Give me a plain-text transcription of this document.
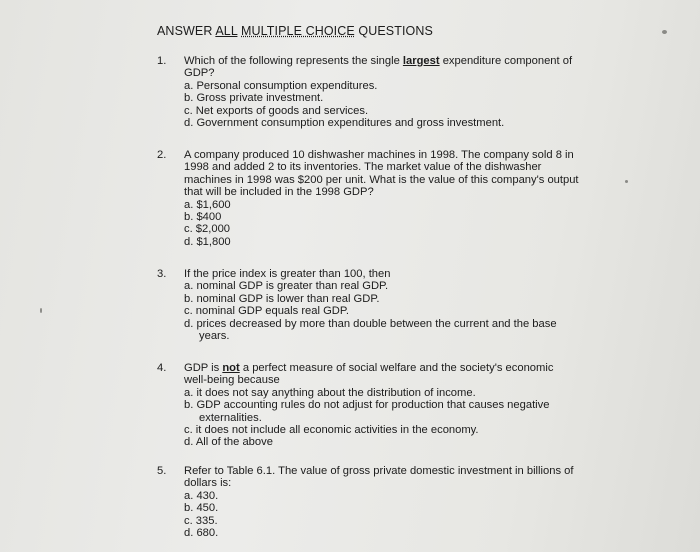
ANSWER ALL MULTIPLE CHOICE QUESTIONS
1.	Which of the following represents the single largest expenditure component of GDP?
a. Personal consumption expenditures.
b. Gross private investment.
c. Net exports of goods and services.
d. Government consumption expenditures and gross investment.
2.	A company produced 10 dishwasher machines in 1998. The company sold 8 in 1998 and added 2 to its inventories. The market value of the dishwasher machines in 1998 was $200 per unit. What is the value of this company's output that will be included in the 1998 GDP?
a. $1,600
b. $400
c. $2,000
d. $1,800
3.	If the price index is greater than 100, then
a. nominal GDP is greater than real GDP.
b. nominal GDP is lower than real GDP.
c. nominal GDP equals real GDP.
d. prices decreased by more than double between the current and the base years.
4.	GDP is not a perfect measure of social welfare and the society's economic well-being because
a. it does not say anything about the distribution of income.
b. GDP accounting rules do not adjust for production that causes negative externalities.
c. it does not include all economic activities in the economy.
d. All of the above
5.	Refer to Table 6.1. The value of gross private domestic investment in billions of dollars is:
a. 430.
b. 450.
c. 335.
d. 680.
